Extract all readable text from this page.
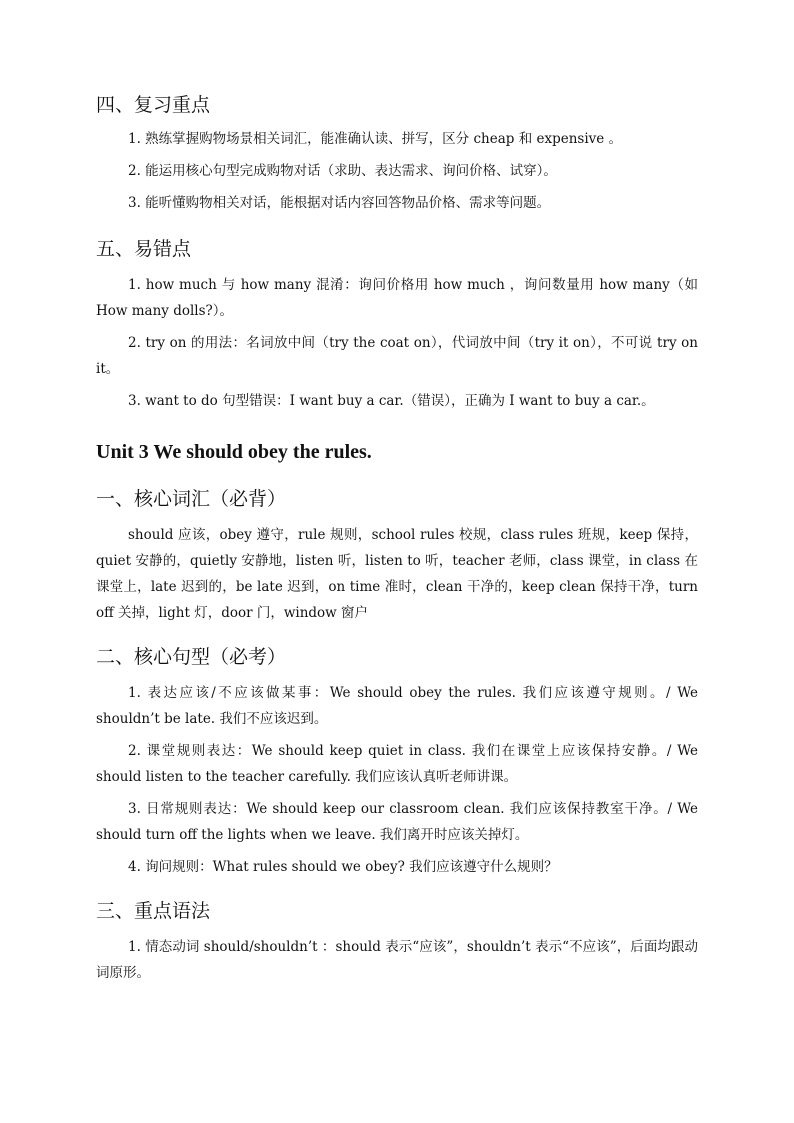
四、复习重点

1. 熟练掌握购物场景相关词汇，能准确认读、拼写，区分 cheap 和 expensive 。

2. 能运用核心句型完成购物对话（求助、表达需求、询问价格、试穿）。

3. 能听懂购物相关对话，能根据对话内容回答物品价格、需求等问题。

五、易错点

1. how much 与 how many 混淆：询问价格用 how much ，询问数量用 how many（如 How many dolls?）。

2. try on 的用法：名词放中间（try the coat on），代词放中间（try it on），不可说 try on it。

3. want to do 句型错误：I want buy a car.（错误），正确为 I want to buy a car.。

Unit 3 We should obey the rules.
一、核心词汇（必背）

should 应该，obey 遵守，rule 规则，school rules 校规，class rules 班规，keep 保持，quiet 安静的，quietly 安静地，listen 听，listen to 听，teacher 老师，class 课堂，in class 在课堂上，late 迟到的，be late 迟到，on time 准时，clean 干净的，keep clean 保持干净，turn off 关掉，light 灯，door 门，window 窗户

二、核心句型（必考）

1. 表达应该/不应该做某事：We should obey the rules. 我们应该遵守规则。/ We shouldn’t be late. 我们不应该迟到。

2. 课堂规则表达：We should keep quiet in class. 我们在课堂上应该保持安静。/ We should listen to the teacher carefully. 我们应该认真听老师讲课。

3. 日常规则表达：We should keep our classroom clean. 我们应该保持教室干净。/ We should turn off the lights when we leave. 我们离开时应该关掉灯。

4. 询问规则：What rules should we obey? 我们应该遵守什么规则？

三、重点语法

1. 情态动词 should/shouldn’t ：should 表示“应该”，shouldn’t 表示“不应该”，后面均跟动词原形。
